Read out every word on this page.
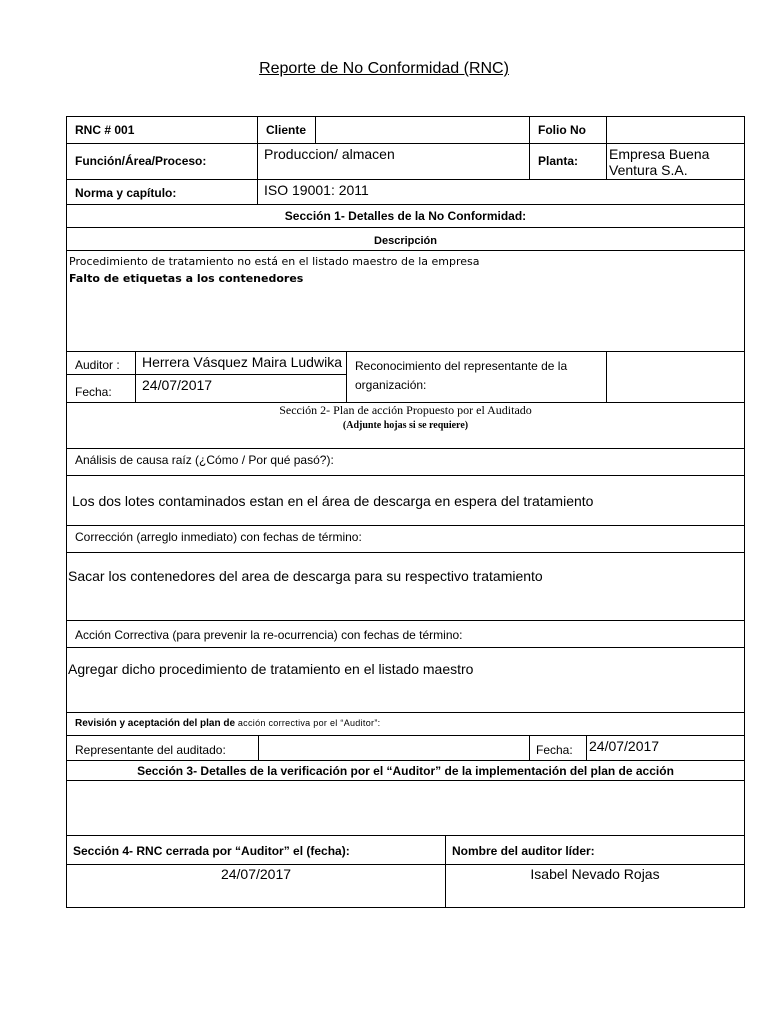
Reporte de No Conformidad (RNC)
RNC # 001	Cliente	Folio No
Función/Área/Proceso:	Produccion/ almacen	Planta:	Empresa Buena Ventura S.A.
Norma y capítulo:	ISO 19001: 2011
Sección 1- Detalles de la No Conformidad:
Descripción
Procedimiento de tratamiento no está en el listado maestro de la empresa
Falto de etiquetas a los contenedores
Auditor :	Herrera Vásquez Maira Ludwika
Fecha:	24/07/2017
Reconocimiento del representante de la organización:
Sección 2- Plan de acción Propuesto por el Auditado
(Adjunte hojas si se requiere)
Análisis de causa raíz (¿Cómo / Por qué pasó?):
Los dos lotes contaminados estan en el área de descarga en espera del tratamiento
Corrección (arreglo inmediato) con fechas de término:
Sacar los contenedores del area de descarga para su respectivo tratamiento
Acción Correctiva (para prevenir la re-ocurrencia) con fechas de término:
Agregar dicho procedimiento de tratamiento en el listado maestro
Revisión y aceptación del plan de acción correctiva por el “Auditor”:
Representante del auditado:	Fecha:	24/07/2017
Sección 3- Detalles de la verificación por el “Auditor” de la implementación del plan de acción
Sección 4- RNC cerrada por “Auditor” el (fecha):	Nombre del auditor líder:
24/07/2017	Isabel Nevado Rojas
